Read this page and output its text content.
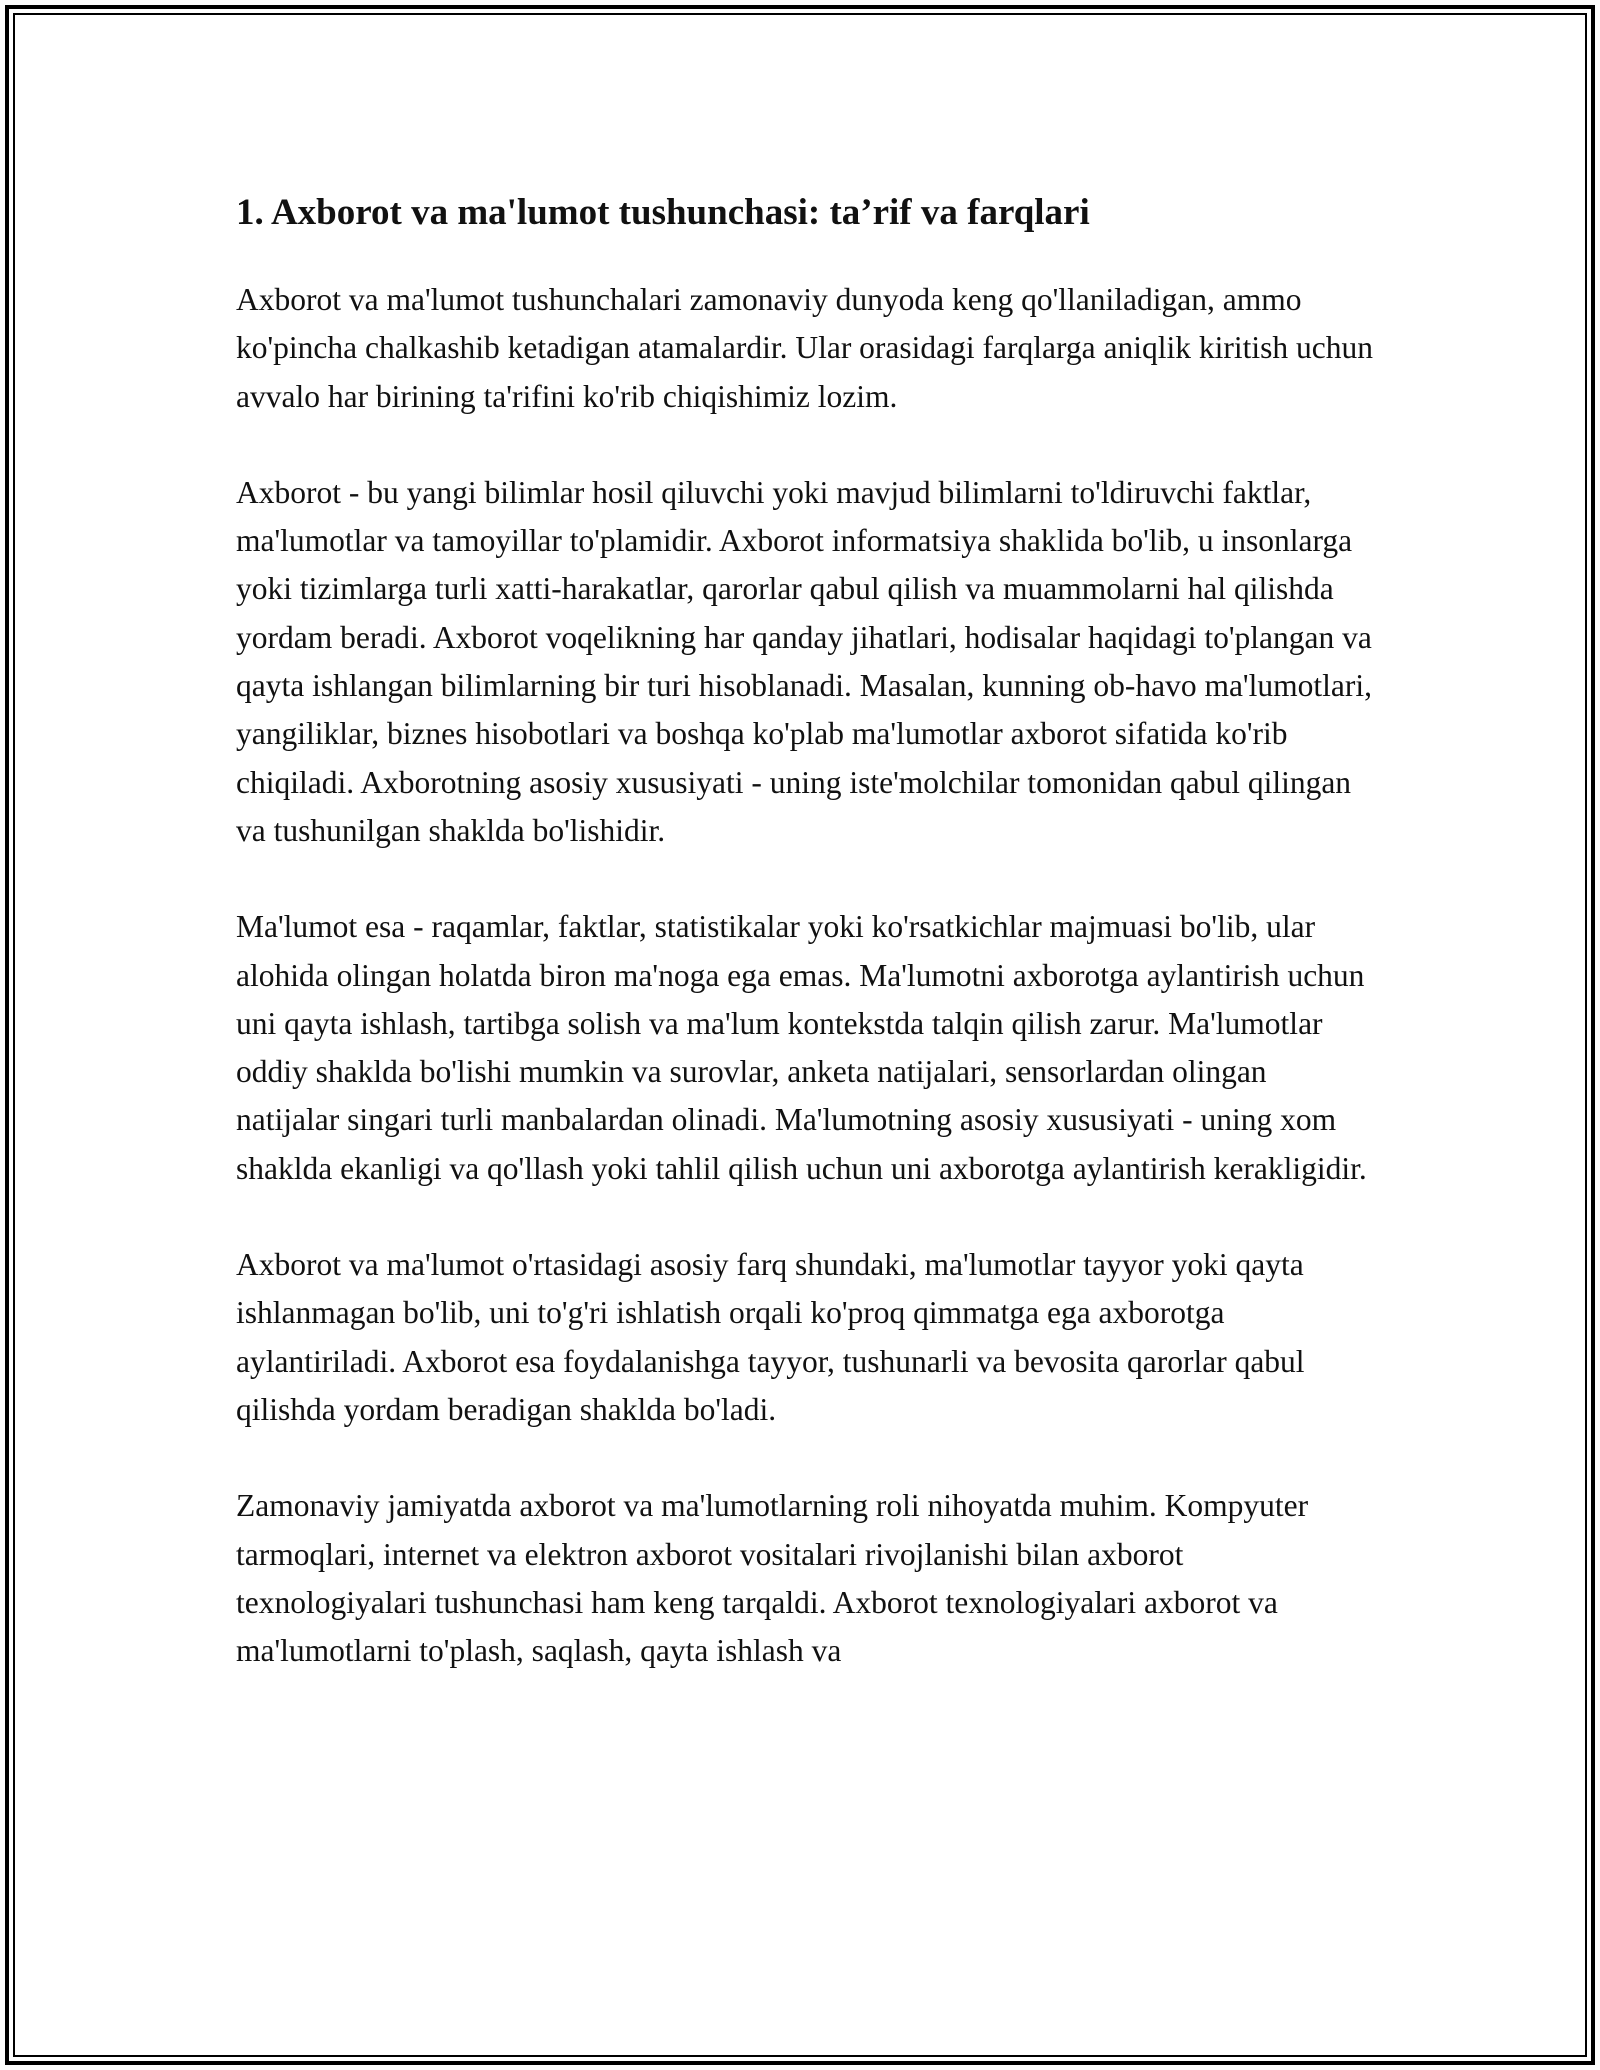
1. Axborot va ma'lumot tushunchasi: ta’rif va farqlari

Axborot va ma'lumot tushunchalari zamonaviy dunyoda keng qo'llaniladigan, ammo ko'pincha chalkashib ketadigan atamalardir. Ular orasidagi farqlarga aniqlik kiritish uchun avvalo har birining ta'rifini ko'rib chiqishimiz lozim.

Axborot - bu yangi bilimlar hosil qiluvchi yoki mavjud bilimlarni to'ldiruvchi faktlar, ma'lumotlar va tamoyillar to'plamidir. Axborot informatsiya shaklida bo'lib, u insonlarga yoki tizimlarga turli xatti-harakatlar, qarorlar qabul qilish va muammolarni hal qilishda yordam beradi. Axborot voqelikning har qanday jihatlari, hodisalar haqidagi to'plangan va qayta ishlangan bilimlarning bir turi hisoblanadi. Masalan, kunning ob-havo ma'lumotlari, yangiliklar, biznes hisobotlari va boshqa ko'plab ma'lumotlar axborot sifatida ko'rib chiqiladi. Axborotning asosiy xususiyati - uning iste'molchilar tomonidan qabul qilingan va tushunilgan shaklda bo'lishidir.

Ma'lumot esa - raqamlar, faktlar, statistikalar yoki ko'rsatkichlar majmuasi bo'lib, ular alohida olingan holatda biron ma'noga ega emas. Ma'lumotni axborotga aylantirish uchun uni qayta ishlash, tartibga solish va ma'lum kontekstda talqin qilish zarur. Ma'lumotlar oddiy shaklda bo'lishi mumkin va surovlar, anketa natijalari, sensorlardan olingan natijalar singari turli manbalardan olinadi. Ma'lumotning asosiy xususiyati - uning xom shaklda ekanligi va qo'llash yoki tahlil qilish uchun uni axborotga aylantirish kerakligidir.

Axborot va ma'lumot o'rtasidagi asosiy farq shundaki, ma'lumotlar tayyor yoki qayta ishlanmagan bo'lib, uni to'g'ri ishlatish orqali ko'proq qimmatga ega axborotga aylantiriladi. Axborot esa foydalanishga tayyor, tushunarli va bevosita qarorlar qabul qilishda yordam beradigan shaklda bo'ladi.

Zamonaviy jamiyatda axborot va ma'lumotlarning roli nihoyatda muhim. Kompyuter tarmoqlari, internet va elektron axborot vositalari rivojlanishi bilan axborot texnologiyalari tushunchasi ham keng tarqaldi. Axborot texnologiyalari axborot va ma'lumotlarni to'plash, saqlash, qayta ishlash va
